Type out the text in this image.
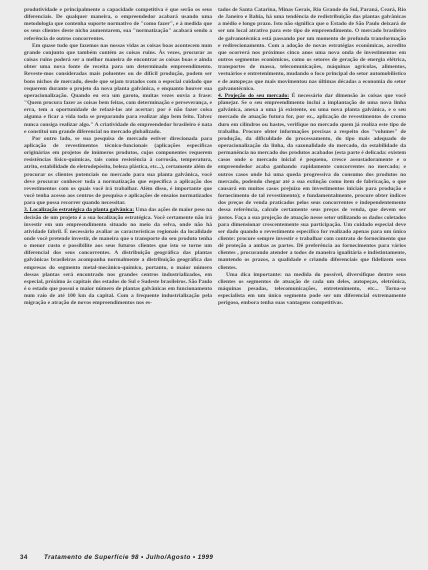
produtividade e principalmente a capacidade competitiva é que serão os seus diferenciais. De qualquer maneira, o empreendedor acabará usando uma metodologia que contenha suporte normativo de "como fazer", e à medida que os seus clientes deste nicho aumentarem, sua "normatização" acabará sendo a referência de outros concorrentes.

Em quase tudo que fazemos nas nossas vidas as coisas boas acontecem num grande conjunto que também contém as coisas ruins. Às vezes, procurar as coisas ruins poderá ser a melhor maneira de encontrar as coisas boas e ainda obter uma nova fonte de receita para um determinado empreendimento. Reveste-mos consideradas mais poluentes ou de difícil produção, podem ser bons nichos de mercado, desde que sejam tratados com o especial cuidado que requerem durante o projeto da nova planta galvânica, e enquanto houver sua operacionalização. Quando eu era um garoto, muitas vezes ouvia a frase: "Quem procura fazer as coisas bem feitas, com determinação e perseverança, e erra, tem a oportunidade de refazê-las até acertar; por é não fazer coisa alguma e ficar a vida toda se preparando para realizar algo bem feito. Talvez nunca consiga realizar algo." A criatividade do empreendedor brasileiro é nata e constitui um grande diferencial no mercado globalizado.

Por outro lado, se sua pesquisa de mercado estiver direcionada para aplicação de revestimentos técnico-funcionais (aplicações específicas originárias em projetos de inúmeros produtos, cujos componentes requerem resistências físico-químicas, tais como resistência à corrosão, temperatura, atrito, estabilidade do eletrodepósito, beleza plástica, etc...), certamente além de procurar os clientes potenciais no mercado para sua planta galvânica, você deve procurar conhecer toda a normatização que especifica a aplicação dos revestimentos com os quais você irá trabalhar. Além disso, é importante que você tenha acesso aos centros de pesquisa e aplicações de ensaios normatizados para que possa recorrer quando necessitar.

3. Localização estratégica da planta galvânica: Uma das ações de maior peso na decisão de um projeto é a sua localização estratégica. Você certamente não irá investir em um empreendimento situado no meio da selva, onde não há atividade fabril. É necessário avaliar as características regionais da localidade onde você pretende investir, de maneira que o transporte do seu produto tenha o menor custo e possibilite aos seus futuros clientes que isto se torne um diferencial dos seus concorrentes. A distribuição geográfica das plantas galvânicas brasileiras acompanha normalmente a distribuição geográfica das empresas do segmento metal-mecânico-químico, portanto, o maior número dessas plantas será encontrado nos grandes centros industrializados, em especial, próximo às capitais dos estados do Sul e Sudeste brasileiros. São Paulo é o estado que possui o maior número de plantas galvânicas em funcionamento num raio de até 100 km da capital. Com a frequente industrialização pela migração e atração de novos empreendimentos nos es-

tados de Santa Catarina, Minas Gerais, Rio Grande do Sul, Paraná, Ceará, Rio de Janeiro e Bahia, há uma tendência de redistribuição das plantas galvânicas a médio e longo prazo. Isto não significa que o Estado de São Paulo deixará de ser um local atrativo para este tipo de empreendimento. O mercado brasileiro de galvanotécnica está passando por um momento de profunda transformação e redirecionamento. Com a adoção de novas estratégias econômicas, acredito que ocorrerá nos próximos cinco anos uma nova onda de investimentos em outros segmentos econômicos, como os setores de geração de energia elétrica, transportes de massa, telecomunicações, máquinas agrícolas, alimentos, vestuários e entretenimento, mudando o foco principal do setor automobilístico e de autopeças que mais movimentou nas últimas décadas a economia do setor galvanotécnico.

4. Projeção do seu mercado: É necessário dar dimensão às coisas que você planejar. Se o seu empreendimento incluí a implantação de uma nova linha galvânica, anexa a uma já existente, ou uma nova planta galvânica, e o seu mercado de atuação futura for, por ex., aplicação de revestimentos de cromo duro em cilindros ou hastes, verifique no mercado quem já realiza este tipo de trabalho. Procure obter informações precisas a respeito dos "volumes" de produção, da dificuldade do processamento, do tipo mais adequado de operacionalização da linha, da sazonalidade do mercado, da estabilidade da permanência no mercado dos produtos acabados (esta parte é delicada: existem casos onde o mercado inicial é pequeno, cresce assustadoramente e o empreendedor acaba ganhando rapidamente concorrentes no mercado; e outros casos onde há uma queda progressiva do consumo dos produtos no mercado, podendo chegar até a sua extinção como item de fabricação, o que causará em muitos casos prejuízo em investimentos iniciais para produção e fornecimento de tal revestimento); e fundamentalmente, procure obter índices dos preços de venda praticados pelos seus concorrentes e independentemente dessa referência, calcule certamente seus preços de venda, que devem ser justos. Faça a sua projeção de atuação nesse setor utilizando os dados coletados para dimensionar crescentemente sua participação. Um cuidado especial deve ser dado quando o revestimento específico for realizado apenas para um único cliente: procure sempre investir e trabalhar com contrato de fornecimento que dê proteção a ambas as partes. Dê preferência ao fornecimentos para vários clientes , procurando atender a todos de maneira igualitária e indistintamente, mantendo os prazos, a qualidade e criando diferenciais que fidelizem seus clientes.

Uma dica importante: na medida do possível, diversifique dentre seus clientes os segmentos de atuação de cada um deles, autopeças, eletrônica, máquinas pesadas, telecomunicações, entretenimento, etc... Torna-se especialista em um único segmento pode ser um diferencial extremamente perigoso, embora tenha suas vantagens competitivas.

34	Tratamento de Superfície 98 • Julho/Agosto • 1999
